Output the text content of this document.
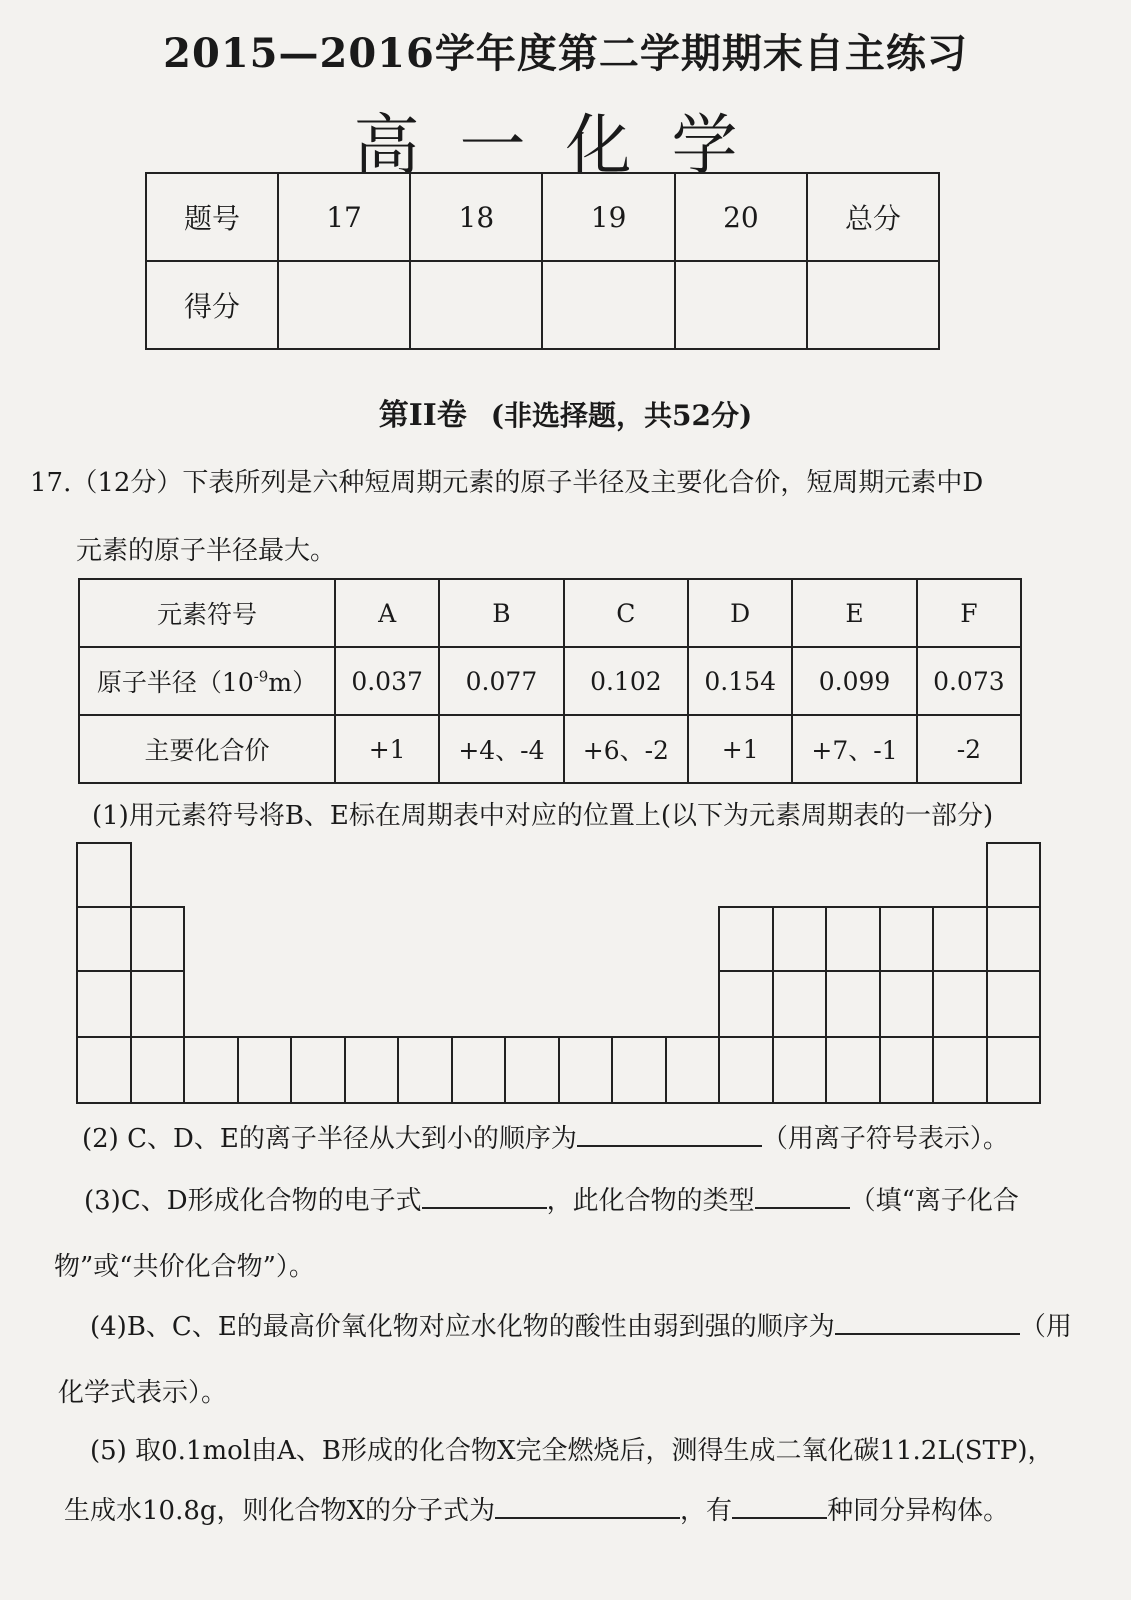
2015—2016学年度第二学期期末自主练习
高一化学
题号	17	18	19	20	总分
得分					
第II卷 (非选择题，共52分)
17.（12分）下表所列是六种短周期元素的原子半径及主要化合价，短周期元素中D
元素的原子半径最大。
元素符号	A	B	C	D	E	F
原子半径$(10^{-9}m)$	0.037	0.077	0.102	0.154	0.099	0.073
主要化合价	+1	+4、-4	+6、-2	+1	+7、-1	-2
(1)用元素符号将B、E标在周期表中对应的位置上(以下为元素周期表的一部分)
(2) C、D、E的离子半径从大到小的顺序为	（用离子符号表示）。
(3)C、D形成化合物的电子式	，此化合物的类型	（填“离子化合
物”或“共价化合物”）。
(4)B、C、E的最高价氧化物对应水化物的酸性由弱到强的顺序为	（用
化学式表示）。
(5) 取0.1mol由A、B形成的化合物X完全燃烧后，测得生成二氧化碳11.2L(STP)，
生成水10.8g，则化合物X的分子式为	，有	种同分异构体。
